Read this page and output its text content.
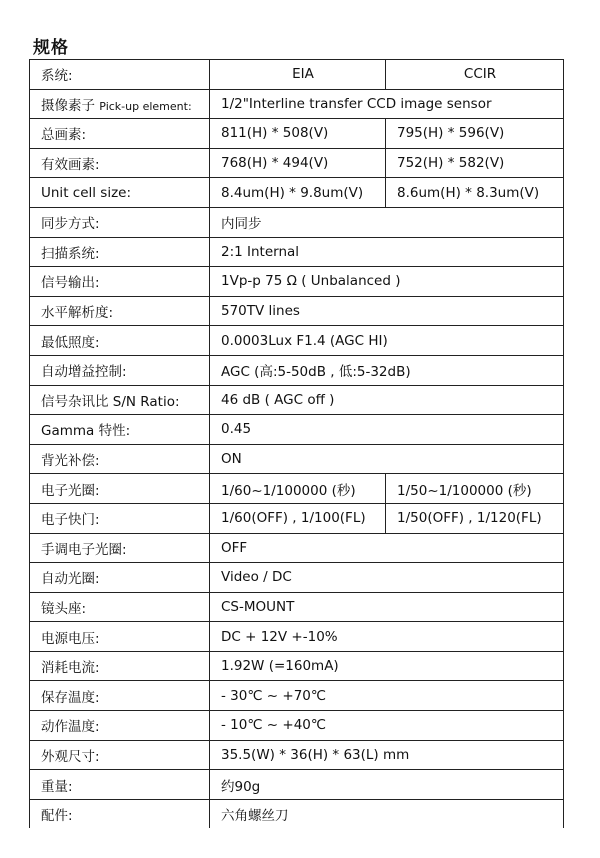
规格
系统:	EIA	CCIR
摄像素子 Pick-up element:	1/2"Interline transfer CCD image sensor	
总画素:	811(H) * 508(V)	795(H) * 596(V)
有效画素:	768(H) * 494(V)	752(H) * 582(V)
Unit cell size:	8.4um(H) * 9.8um(V)	8.6um(H) * 8.3um(V)
同步方式:	内同步	
扫描系统:	2:1 Internal	
信号输出:	1Vp-p 75 Ω ( Unbalanced )	
水平解析度:	570TV lines	
最低照度:	0.0003Lux F1.4 (AGC HI)	
自动增益控制:	AGC (高:5-50dB , 低:5-32dB)	
信号杂讯比 S/N Ratio:	46 dB ( AGC off )	
Gamma 特性:	0.45	
背光补偿:	ON	
电子光圈:	1/60~1/100000 (秒)	1/50~1/100000 (秒)
电子快门:	1/60(OFF) , 1/100(FL)	1/50(OFF) , 1/120(FL)
手调电子光圈:	OFF	
自动光圈:	Video / DC	
镜头座:	CS-MOUNT	
电源电压:	DC + 12V +-10%	
消耗电流:	1.92W (=160mA)	
保存温度:	- 30℃ ~ +70℃	
动作温度:	- 10℃ ~ +40℃	
外观尺寸:	35.5(W) * 36(H) * 63(L) mm	
重量:	约90g	
配件:	六角螺丝刀	
